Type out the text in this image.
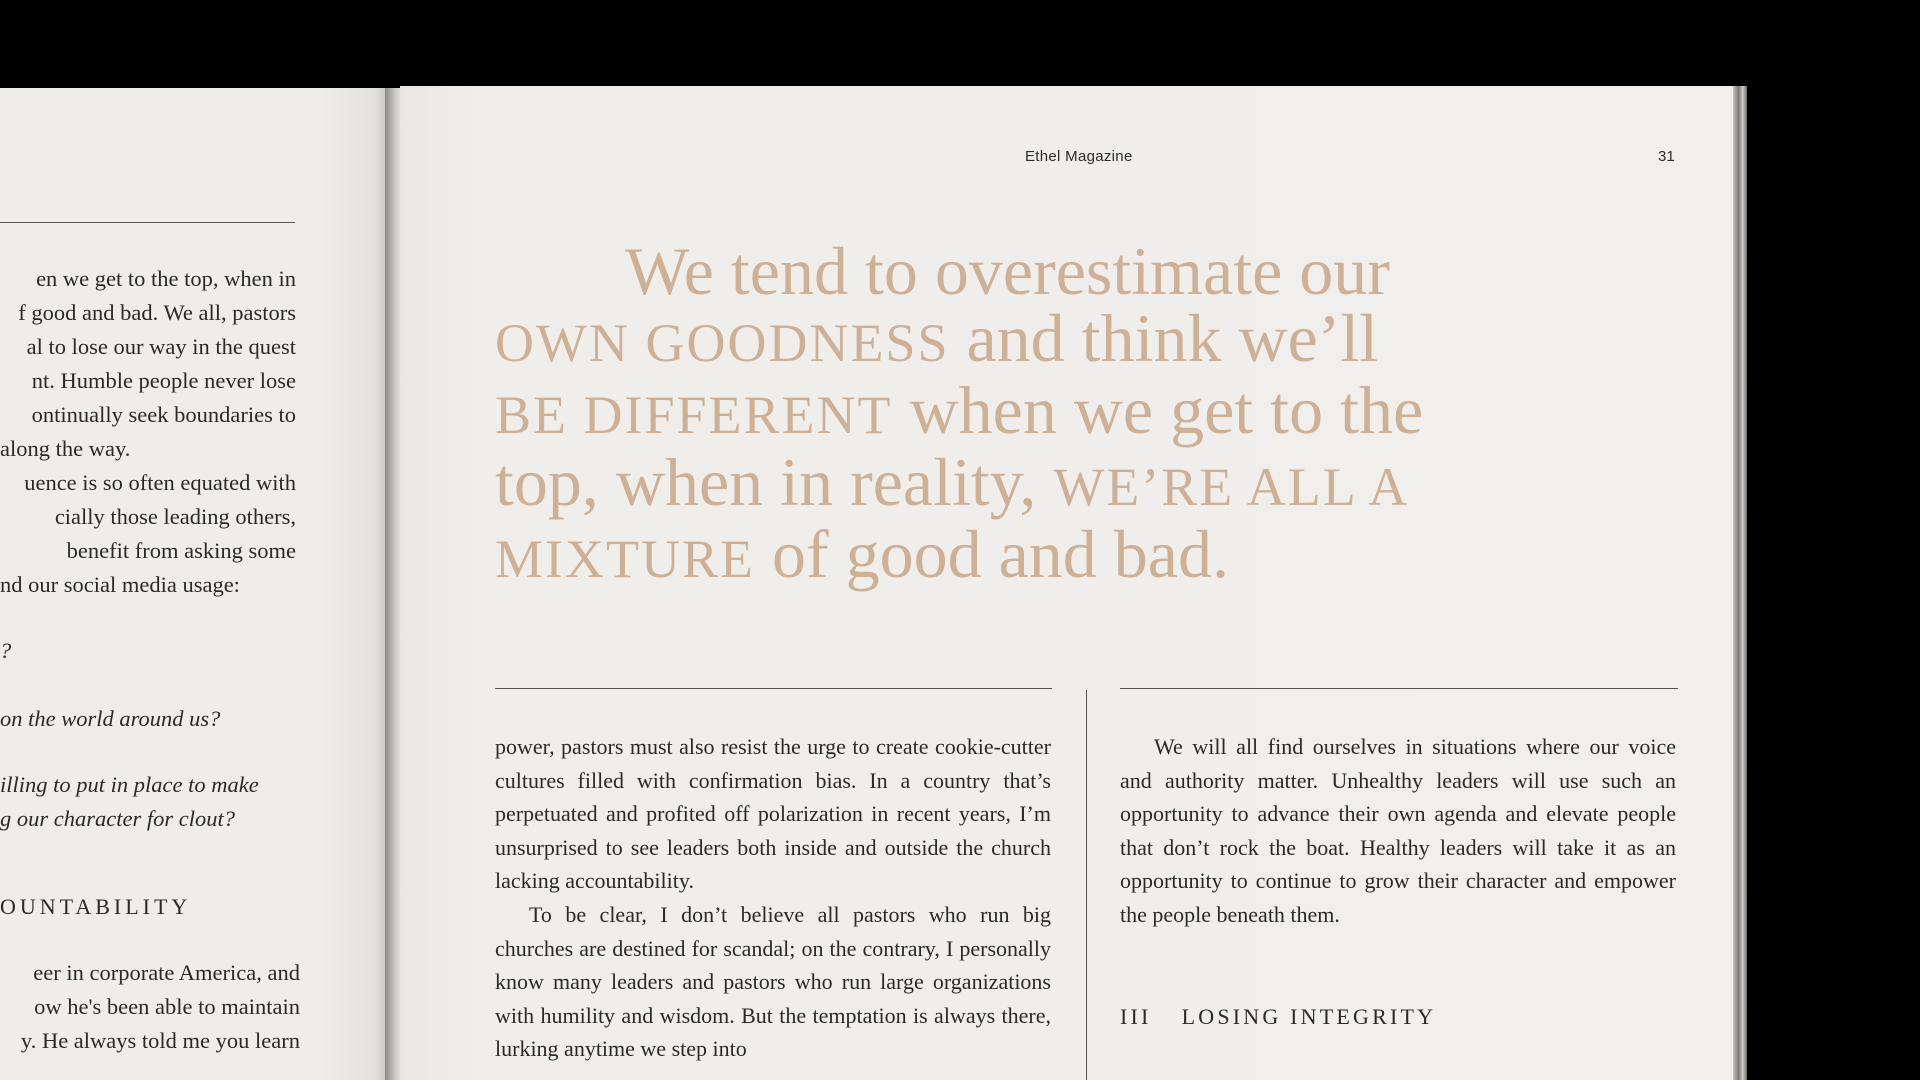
en we get to the top, when in
f good and bad. We all, pastors
al to lose our way in the quest
nt. Humble people never lose
ontinually seek boundaries to
along the way.
uence is so often equated with
cially those leading others,
benefit from asking some
nd our social media usage:
?
on the world around us?
illing to put in place to make
g our character for clout?
OUNTABILITY
eer in corporate America, and
ow he's been able to maintain
y. He always told me you learn
Ethel Magazine	31
We tend to overestimate our
OWN GOODNESS and think we’ll
BE DIFFERENT when we get to the
top, when in reality, WE’RE ALL A
MIXTURE of good and bad.

power, pastors must also resist the urge to create cookie-cutter cultures filled with confirmation bias. In a country that’s perpetuated and profited off polarization in recent years, I’m unsurprised to see leaders both inside and outside the church lacking accountability.

To be clear, I don’t believe all pastors who run big churches are destined for scandal; on the contrary, I personally know many leaders and pastors who run large organizations with humility and wisdom. But the temptation is always there, lurking anytime we step into

We will all find ourselves in situations where our voice and authority matter. Unhealthy leaders will use such an opportunity to advance their own agenda and elevate people that don’t rock the boat. Healthy leaders will take it as an opportunity to continue to grow their character and empower the people beneath them.

III LOSING INTEGRITY
